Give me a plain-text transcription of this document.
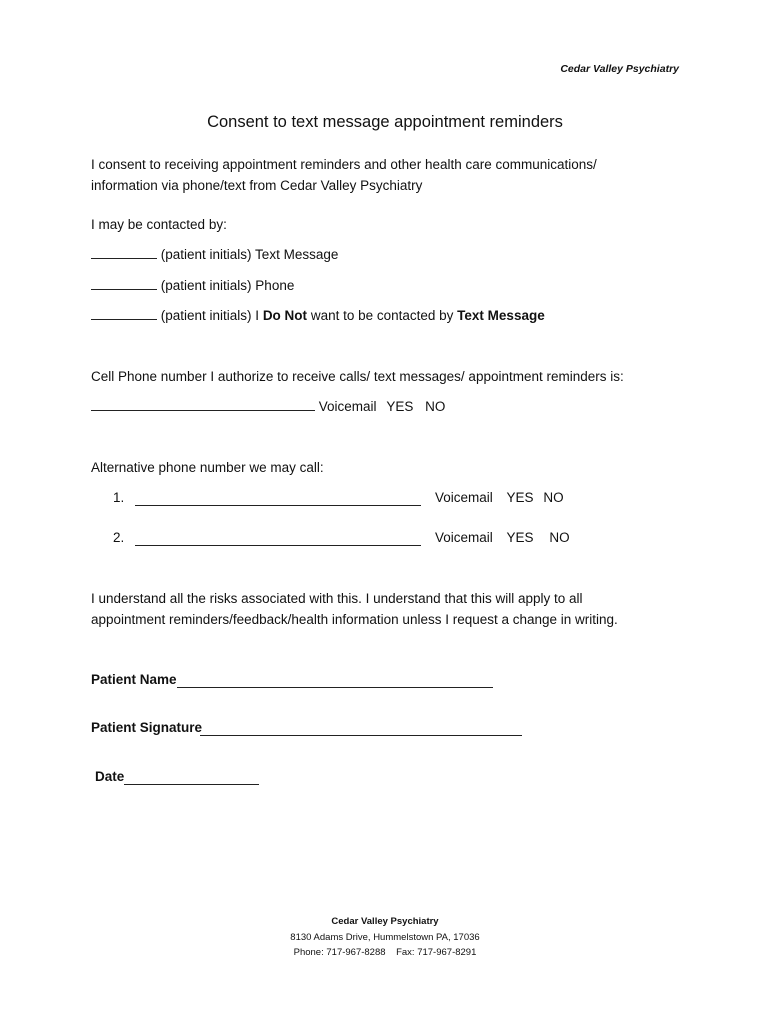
Cedar Valley Psychiatry
Consent to text message appointment reminders
I consent to receiving appointment reminders and other health care communications/
information via phone/text from Cedar Valley Psychiatry
I may be contacted by:
(patient initials) Text Message
(patient initials) Phone
(patient initials) I Do Not want to be contacted by Text Message
Cell Phone number I authorize to receive calls/ text messages/ appointment reminders is:
Voicemail YES NO
Alternative phone number we may call:
1.	Voicemail YES NO
2.	Voicemail YES NO
I understand all the risks associated with this. I understand that this will apply to all
appointment reminders/feedback/health information unless I request a change in writing.
Patient Name
Patient Signature
Date
Cedar Valley Psychiatry
8130 Adams Drive, Hummelstown PA, 17036
Phone: 717-967-8288    Fax: 717-967-8291
